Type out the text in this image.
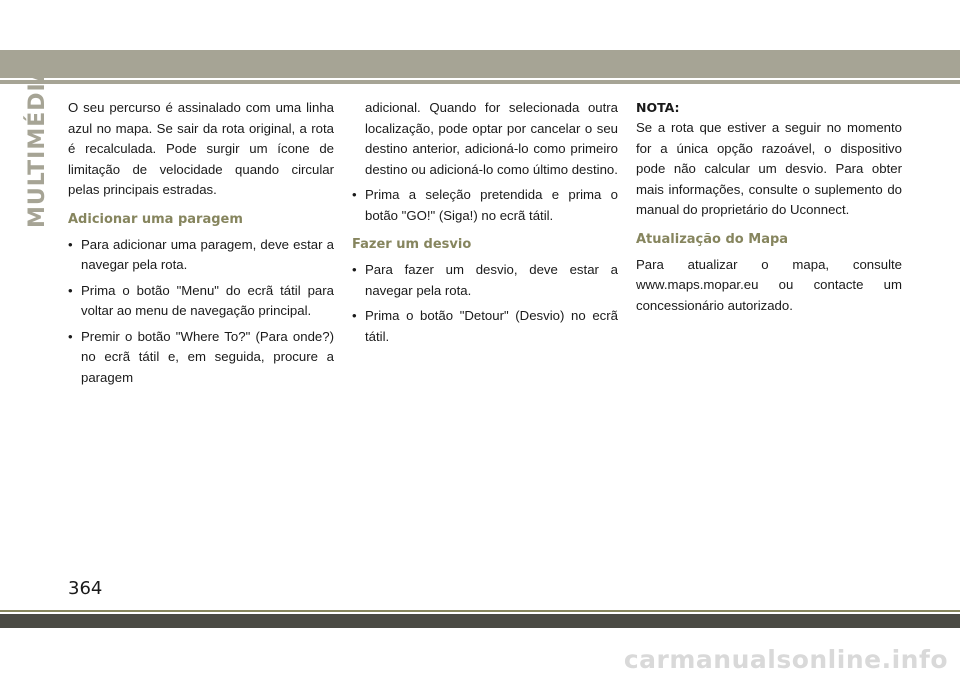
MULTIMÉDIA O seu percurso é assinalado com uma linha azul no mapa. Se sair da rota original, a rota é recalculada. Pode surgir um ícone de limitação de velocidade quando circular pelas principais estradas.

Adicionar uma paragem
• Para adicionar uma paragem, deve estar a navegar pela rota.
• Prima o botão "Menu" do ecrã tátil para voltar ao menu de navegação principal.
• Premir o botão "Where To?" (Para onde?) no ecrã tátil e, em seguida, procure a paragem

adicional. Quando for selecionada outra localização, pode optar por cancelar o seu destino anterior, adicioná-lo como primeiro destino ou adicioná-lo como último destino.

• Prima a seleção pretendida e prima o botão "GO!" (Siga!) no ecrã tátil.
Fazer um desvio
• Para fazer um desvio, deve estar a navegar pela rota.
• Prima o botão "Detour" (Desvio) no ecrã tátil.

NOTA:

Se a rota que estiver a seguir no momento for a única opção razoável, o dispositivo pode não calcular um desvio. Para obter mais informações, consulte o suplemento do manual do proprietário do Uconnect.

Atualização do Mapa

Para atualizar o mapa, consulte www.maps.mopar.eu ou contacte um concessionário autorizado.

364
carmanualsonline.info
